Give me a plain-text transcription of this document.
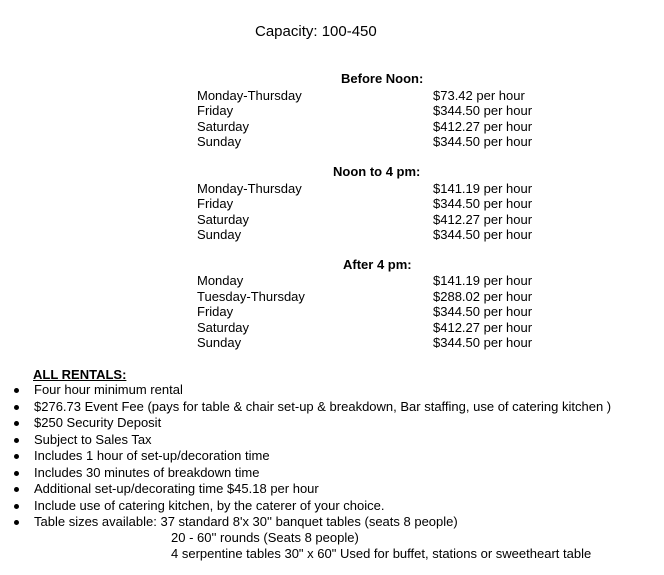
Capacity: 100-450
Before Noon:
Monday-Thursday	$73.42 per hour
Friday	$344.50 per hour
Saturday	$412.27 per hour
Sunday	$344.50 per hour
Noon to 4 pm:
Monday-Thursday	$141.19 per hour
Friday	$344.50 per hour
Saturday	$412.27 per hour
Sunday	$344.50 per hour
After 4 pm:
Monday	$141.19 per hour
Tuesday-Thursday	$288.02 per hour
Friday	$344.50 per hour
Saturday	$412.27 per hour
Sunday	$344.50 per hour
ALL RENTALS:
Four hour minimum rental
$276.73 Event Fee (pays for table & chair set-up & breakdown, Bar staffing, use of catering kitchen )
$250 Security Deposit
Subject to Sales Tax
Includes 1 hour of set-up/decoration time
Includes 30 minutes of breakdown time
Additional set-up/decorating time $45.18 per hour
Include use of catering kitchen, by the caterer of your choice.
Table sizes available: 37 standard 8'x 30'' banquet tables (seats 8 people)
20 - 60'' rounds (Seats 8 people)
4 serpentine tables 30" x 60" Used for buffet, stations or sweetheart table
